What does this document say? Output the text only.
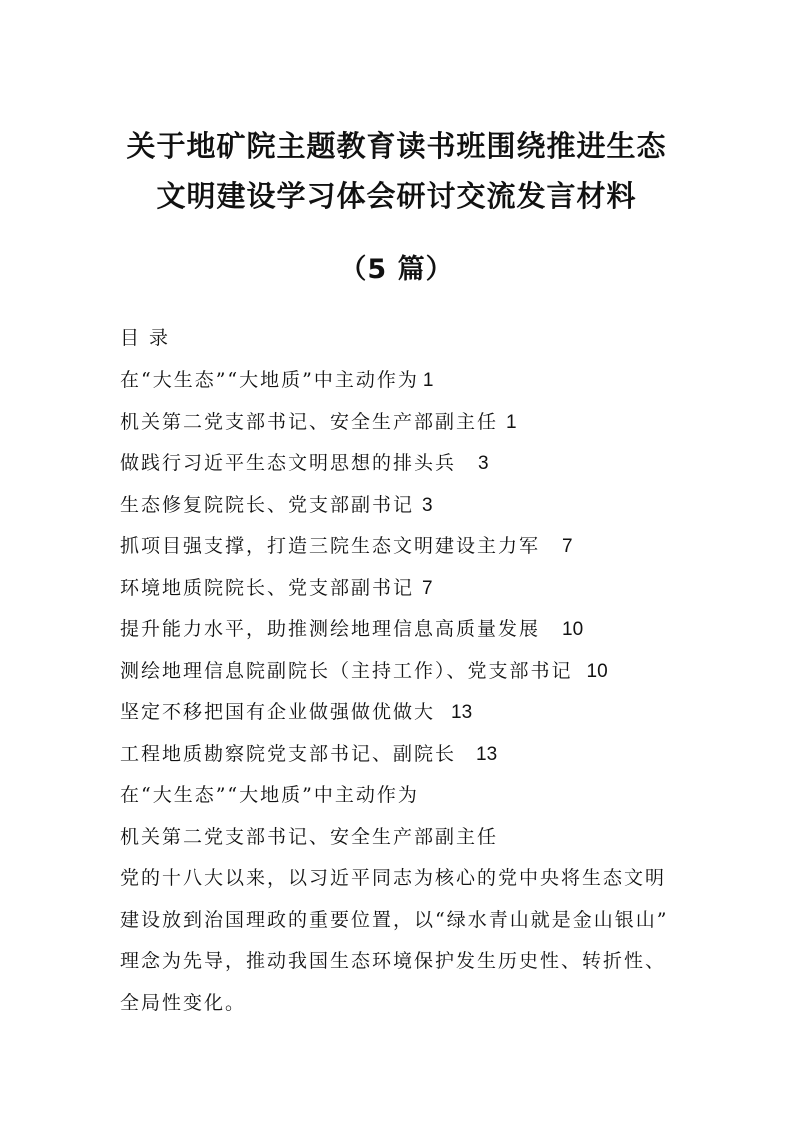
关于地矿院主题教育读书班围绕推进生态
文明建设学习体会研讨交流发言材料
（5 篇）
目 录
在“大生态”“大地质”中主动作为 1
机关第二党支部书记、安全生产部副主任 1
做践行习近平生态文明思想的排头兵 3
生态修复院院长、党支部副书记 3
抓项目强支撑，打造三院生态文明建设主力军 7
环境地质院院长、党支部副书记 7
提升能力水平，助推测绘地理信息高质量发展 10
测绘地理信息院副院长（主持工作）、党支部书记 10
坚定不移把国有企业做强做优做大 13
工程地质勘察院党支部书记、副院长 13
在“大生态”“大地质”中主动作为
机关第二党支部书记、安全生产部副主任
党的十八大以来，以习近平同志为核心的党中央将生态文明
建设放到治国理政的重要位置，以“绿水青山就是金山银山”
理念为先导，推动我国生态环境保护发生历史性、转折性、
全局性变化。
